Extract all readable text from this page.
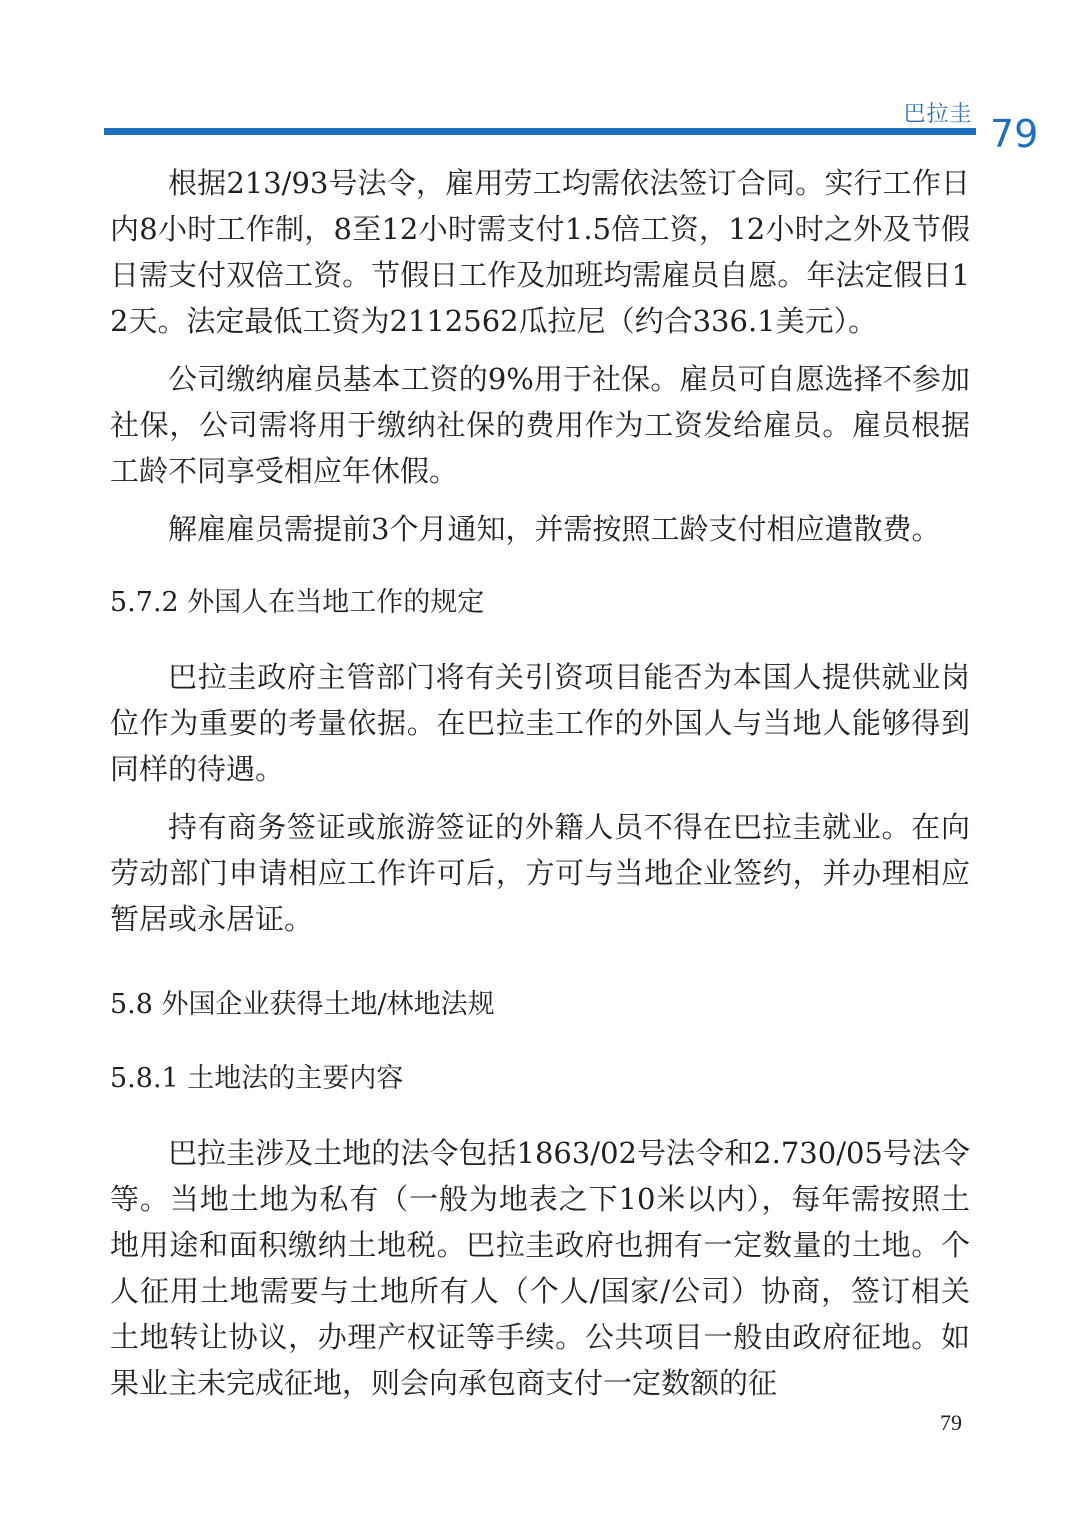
巴拉圭 79

根据213/93号法令，雇用劳工均需依法签订合同。实行工作日内8小时工作制，8至12小时需支付1.5倍工资，12小时之外及节假日需支付双倍工资。节假日工作及加班均需雇员自愿。年法定假日12天。法定最低工资为2112562瓜拉尼（约合336.1美元）。

公司缴纳雇员基本工资的9%用于社保。雇员可自愿选择不参加社保，公司需将用于缴纳社保的费用作为工资发给雇员。雇员根据工龄不同享受相应年休假。

解雇雇员需提前3个月通知，并需按照工龄支付相应遣散费。

5.7.2 外国人在当地工作的规定

巴拉圭政府主管部门将有关引资项目能否为本国人提供就业岗位作为重要的考量依据。在巴拉圭工作的外国人与当地人能够得到同样的待遇。

持有商务签证或旅游签证的外籍人员不得在巴拉圭就业。在向劳动部门申请相应工作许可后，方可与当地企业签约，并办理相应暂居或永居证。

5.8 外国企业获得土地/林地法规

5.8.1 土地法的主要内容

巴拉圭涉及土地的法令包括1863/02号法令和2.730/05号法令等。当地土地为私有（一般为地表之下10米以内），每年需按照土地用途和面积缴纳土地税。巴拉圭政府也拥有一定数量的土地。个人征用土地需要与土地所有人（个人/国家/公司）协商，签订相关土地转让协议，办理产权证等手续。公共项目一般由政府征地。如果业主未完成征地，则会向承包商支付一定数额的征

79
